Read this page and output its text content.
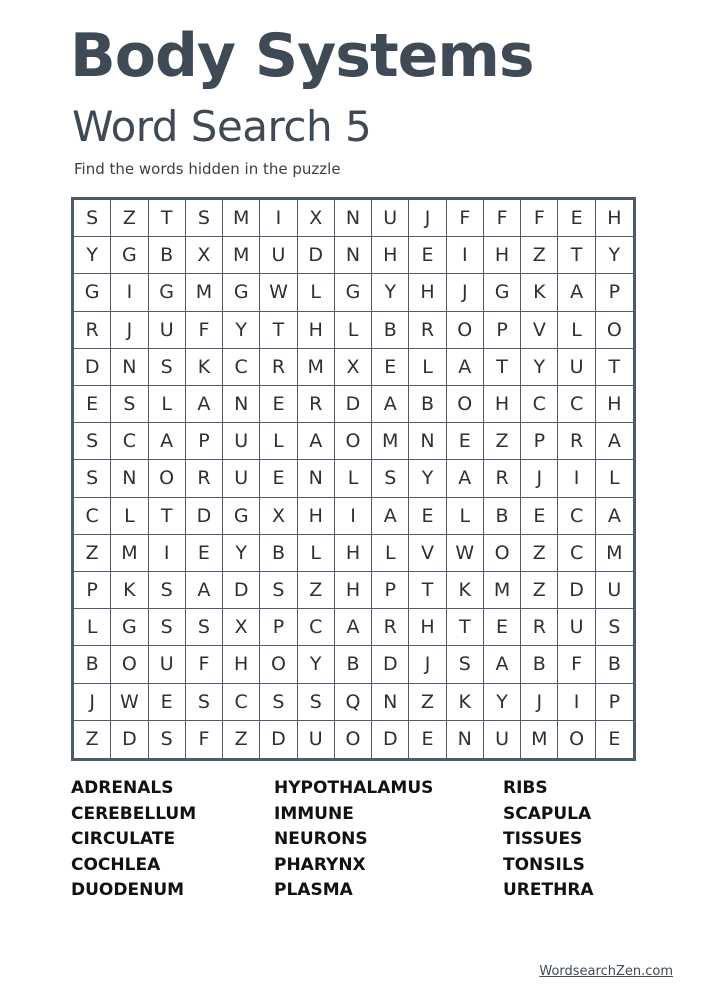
Body Systems
Word Search 5
Find the words hidden in the puzzle
S	Z	T	S	M	I	X	N	U	J	F	F	F	E	H
Y	G	B	X	M	U	D	N	H	E	I	H	Z	T	Y
G	I	G	M	G	W	L	G	Y	H	J	G	K	A	P
R	J	U	F	Y	T	H	L	B	R	O	P	V	L	O
D	N	S	K	C	R	M	X	E	L	A	T	Y	U	T
E	S	L	A	N	E	R	D	A	B	O	H	C	C	H
S	C	A	P	U	L	A	O	M	N	E	Z	P	R	A
S	N	O	R	U	E	N	L	S	Y	A	R	J	I	L
C	L	T	D	G	X	H	I	A	E	L	B	E	C	A
Z	M	I	E	Y	B	L	H	L	V	W	O	Z	C	M
P	K	S	A	D	S	Z	H	P	T	K	M	Z	D	U
L	G	S	S	X	P	C	A	R	H	T	E	R	U	S
B	O	U	F	H	O	Y	B	D	J	S	A	B	F	B
J	W	E	S	C	S	S	Q	N	Z	K	Y	J	I	P
Z	D	S	F	Z	D	U	O	D	E	N	U	M	O	E
ADRENALS
CEREBELLUM
CIRCULATE
COCHLEA
DUODENUM
HYPOTHALAMUS
IMMUNE
NEURONS
PHARYNX
PLASMA
RIBS
SCAPULA
TISSUES
TONSILS
URETHRA
WordsearchZen.com
